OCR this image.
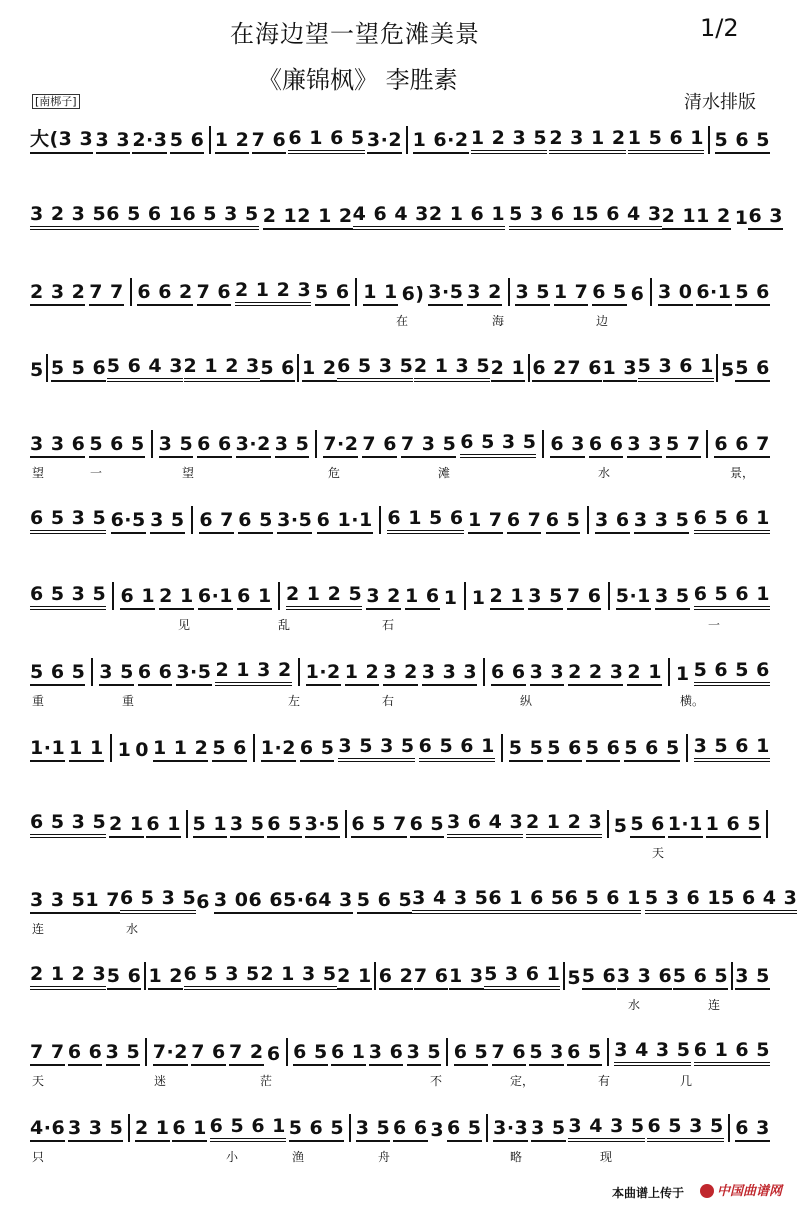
在海边望一望危滩美景	1/2
《廉锦枫》 李胜素
清水排版
[南梆子]
大(3 3 3 3 2·3 5 6 1 2 7 6 6 1 6 5 3·2 1 6·2 1 2 3 5 2 3 1 2 1 5 6 1 5 6 5
3 2 3 5 6 5 6 1 6 5 3 5 2 1 2 1 2 4 6 4 3 2 1 6 1 5 3 6 1 5 6 4 3 2 1 1 2 1 6 3
2 3 2 7 7 6 6 2 7 6 2 1 2 3 5 6 1 1 6) 3·5 3 2 3 5 1 7 6 5 6 3 0 6·1 5 6
在	海	边
5 5 5 6 5 6 4 3 2 1 2 3 5 6 1 2 6 5 3 5 2 1 3 5 2 1 6 2 7 6 1 3 5 3 6 1 5 5 6
3 3 6 5 6 5 3 5 6 6 3·2 3 5 7·2 7 6 7 3 5 6 5 3 5 6 3 6 6 3 3 5 7 6 6 7
望	一	望	危	滩	水	景，
6 5 3 5 6·5 3 5 6 7 6 5 3·5 6 1·1 6 1 5 6 1 7 6 7 6 5 3 6 3 3 5 6 5 6 1
6 5 3 5 6 1 2 1 6·1 6 1 2 1 2 5 3 2 1 6 1 1 2 1 3 5 7 6 5·1 3 5 6 5 6 1
见	乱	石	一
5 6 5 3 5 6 6 3·5 2 1 3 2 1·2 1 2 3 2 3 3 3 6 6 3 3 2 2 3 2 1 1 5 6 5 6
重	重	左	右	纵	横。
1·1 1 1 1 0 1 1 2 5 6 1·2 6 5 3 5 3 5 6 5 6 1 5 5 5 6 5 6 5 6 5 3 5 6 1
6 5 3 5 2 1 6 1 5 1 3 5 6 5 3·5 6 5 7 6 5 3 6 4 3 2 1 2 3 5 5 6 1·1 1 6 5
天
3 3 5 1 7 6 5 3 5 6 3 0 6 6 5·6 4 3 5 6 5 3 4 3 5 6 1 6 5 6 5 6 1 5 3 6 1 5 6 4 3
连	水
2 1 2 3 5 6 1 2 6 5 3 5 2 1 3 5 2 1 6 2 7 6 1 3 5 3 6 1 5 5 6 3 3 6 5 6 5 3 5
水	连
7 7 6 6 3 5 7·2 7 6 7 2 6 6 5 6 1 3 6 3 5 6 5 7 6 5 3 6 5 3 4 3 5 6 1 6 5
天	迷	茫	不	定，	有	几
4·6 3 3 5 2 1 6 1 6 5 6 1 5 6 5 3 5 6 6 3 6 5 3·3 3 5 3 4 3 5 6 5 3 5 6 3
只	小	渔	舟	略	现
本曲谱上传于	中国曲谱网
